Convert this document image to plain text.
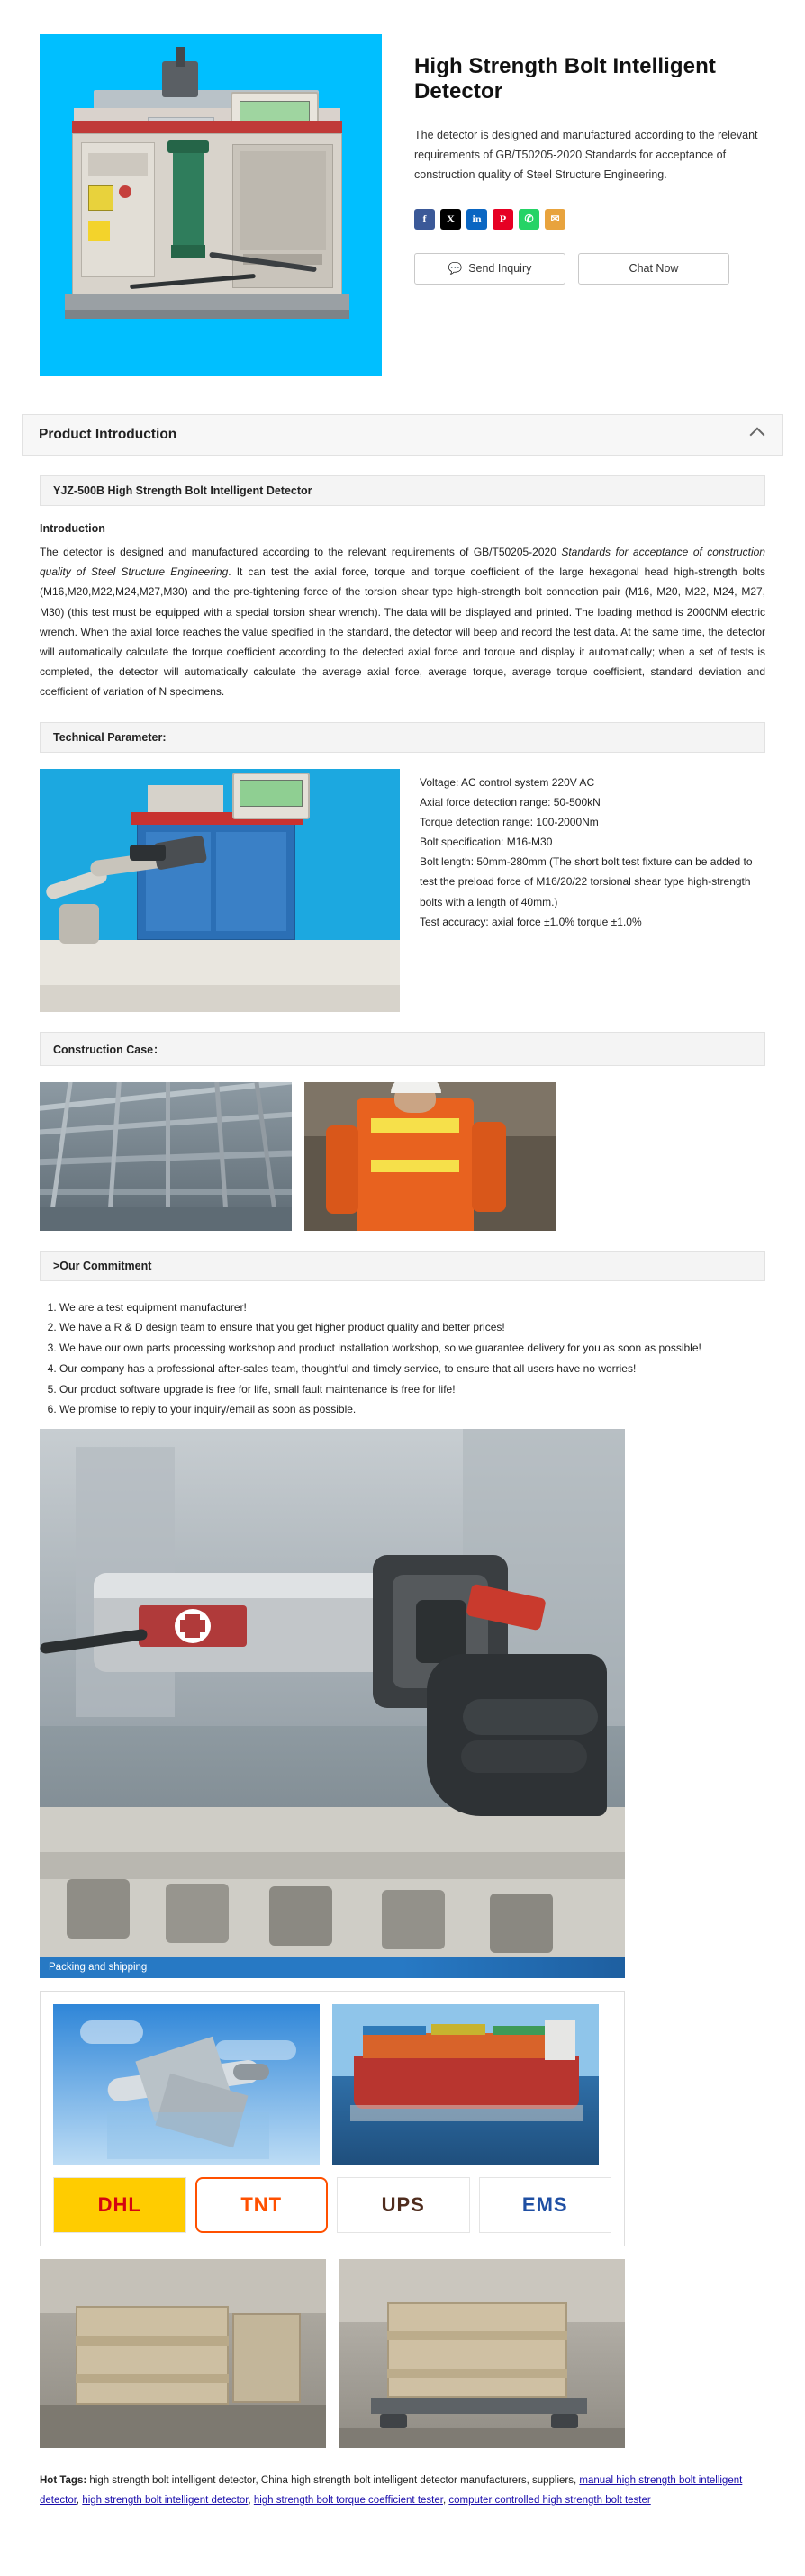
High Strength Bolt Intelligent Detector

The detector is designed and manufactured according to the relevant requirements of GB/T50205-2020 Standards for acceptance of construction quality of Steel Structure Engineering.

f	X	in	P	✆	✉
💬 Send Inquiry	Chat Now
Product Introduction
YJZ-500B High Strength Bolt Intelligent Detector
Introduction

The detector is designed and manufactured according to the relevant requirements of GB/T50205-2020 Standards for acceptance of construction quality of Steel Structure Engineering. It can test the axial force, torque and torque coefficient of the large hexagonal head high-strength bolts (M16,M20,M22,M24,M27,M30) and the pre-tightening force of the torsion shear type high-strength bolt connection pair (M16, M20, M22, M24, M27, M30) (this test must be equipped with a special torsion shear wrench). The data will be displayed and printed. The loading method is 2000NM electric wrench. When the axial force reaches the value specified in the standard, the detector will beep and record the test data. At the same time, the detector will automatically calculate the torque coefficient according to the detected axial force and torque and display it automatically; when a set of tests is completed, the detector will automatically calculate the average axial force, average torque, average torque coefficient, standard deviation and coefficient of variation of N specimens.

Technical Parameter:
Voltage: AC control system 220V AC
Axial force detection range: 50-500kN
Torque detection range: 100-2000Nm
Bolt specification: M16-M30
Bolt length: 50mm-280mm (The short bolt test fixture can be added to test the preload force of M16/20/22 torsional shear type high-strength bolts with a length of 40mm.)
Test accuracy: axial force ±1.0% torque ±1.0%
Construction Case：
>Our Commitment
1. We are a test equipment manufacturer!
2. We have a R & D design team to ensure that you get higher product quality and better prices!
3. We have our own parts processing workshop and product installation workshop, so we guarantee delivery for you as soon as possible!
4. Our company has a professional after-sales team, thoughtful and timely service, to ensure that all users have no worries!
5. Our product software upgrade is free for life, small fault maintenance is free for life!
6. We promise to reply to your inquiry/email as soon as possible.
Packing and shipping
DHL	TNT	UPS	EMS
Hot Tags: high strength bolt intelligent detector, China high strength bolt intelligent detector manufacturers, suppliers, manual high strength bolt intelligent detector, high strength bolt intelligent detector, high strength bolt torque coefficient tester, computer controlled high strength bolt tester
